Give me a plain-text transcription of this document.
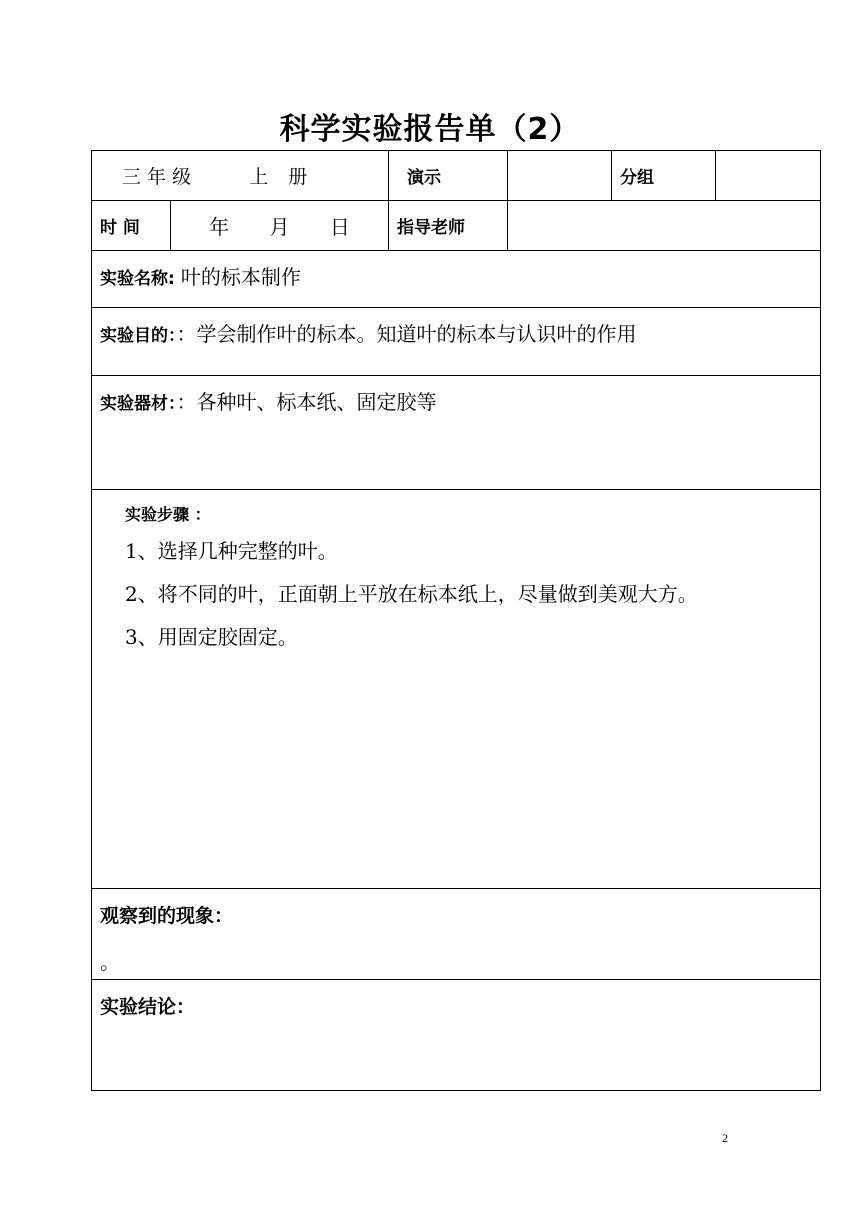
科学实验报告单（2）
三 年 级 上 册		演示		分组	
时 间	年 月 日	指导老师			
实验名称: 叶的标本制作					
实验目的：：学会制作叶的标本。知道叶的标本与认识叶的作用					
实验器材：：各种叶、标本纸、固定胶等					

实验步骤 ：
1、选择几种完整的叶。
2、将不同的叶，正面朝上平放在标本纸上，尽量做到美观大方。
3、用固定胶固定。					

观察到的现象：
。					

实验结论：					
2
